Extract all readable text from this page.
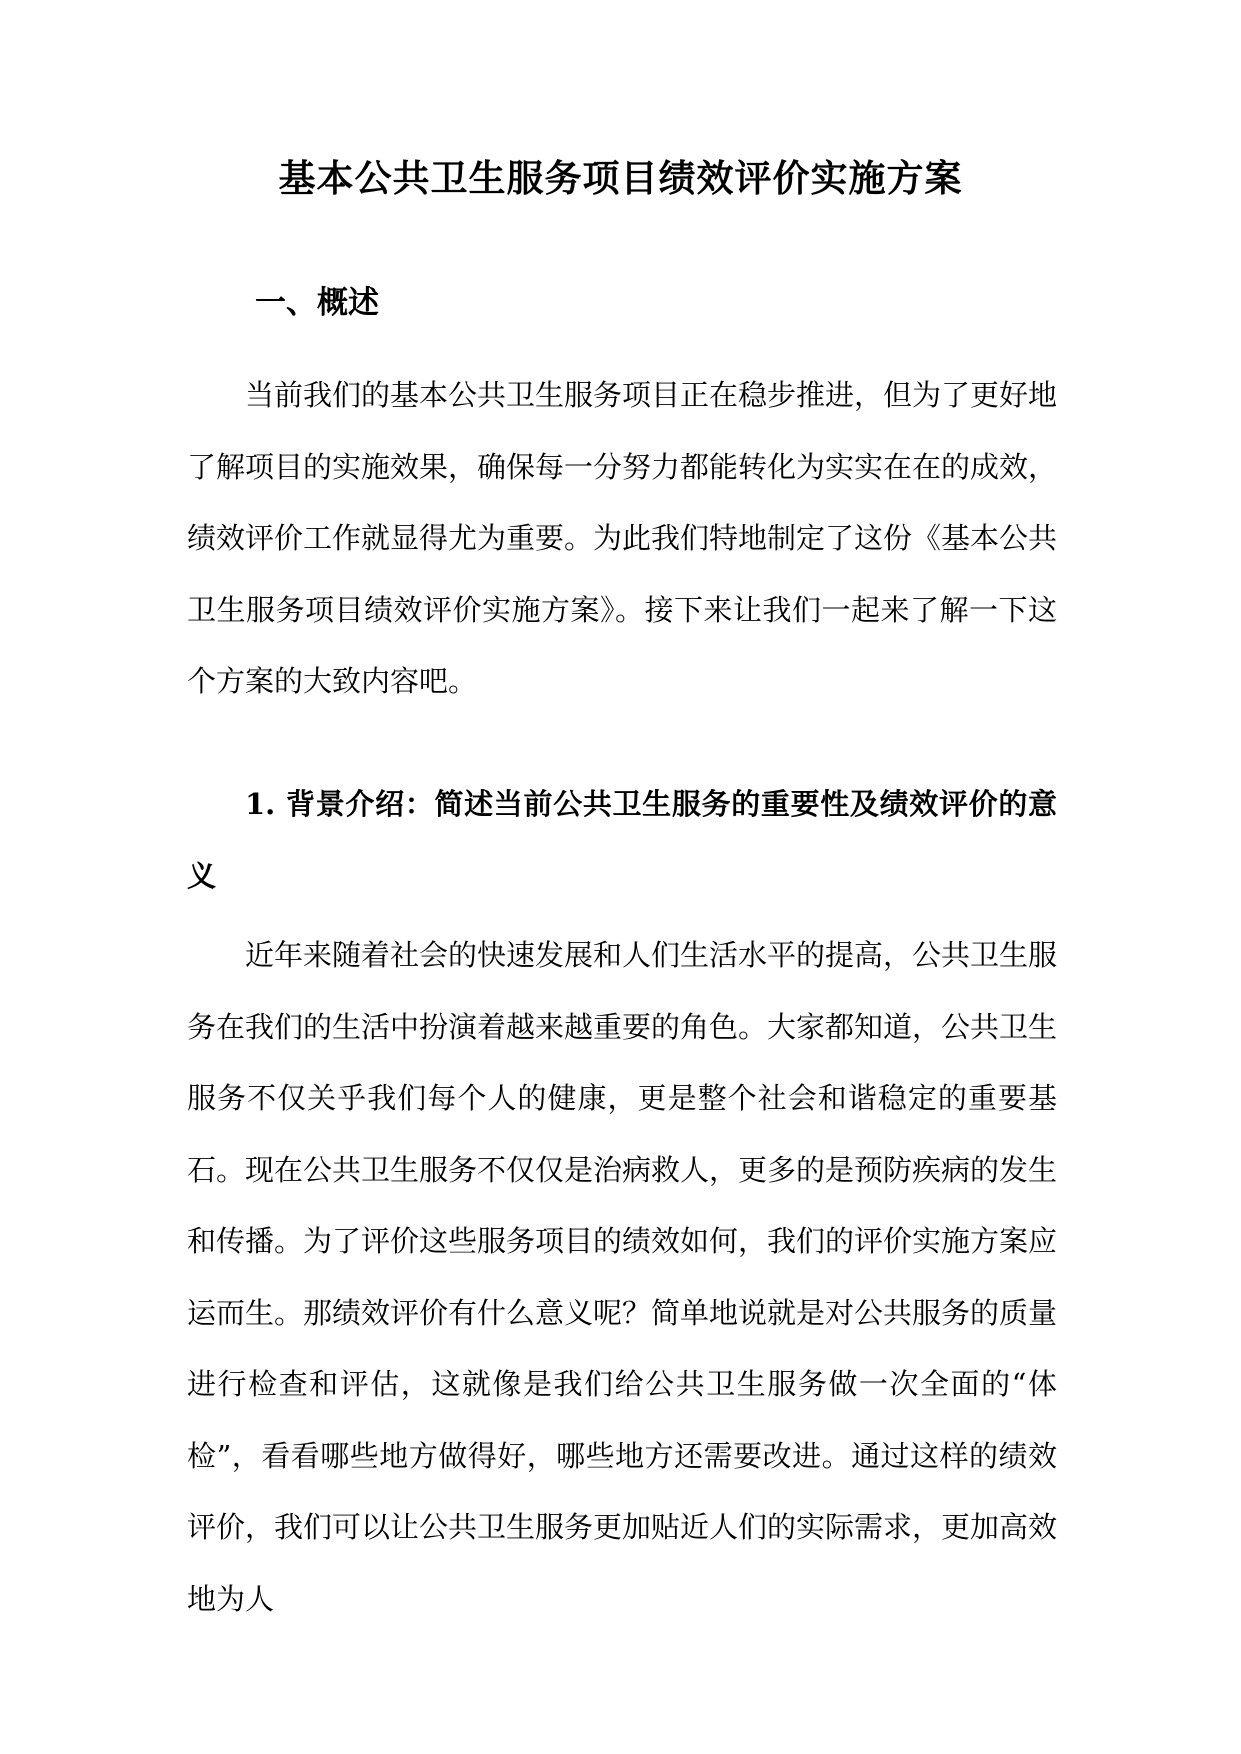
基本公共卫生服务项目绩效评价实施方案
一、概述

当前我们的基本公共卫生服务项目正在稳步推进，但为了更好地了解项目的实施效果，确保每一分努力都能转化为实实在在的成效，绩效评价工作就显得尤为重要。为此我们特地制定了这份《基本公共卫生服务项目绩效评价实施方案》。接下来让我们一起来了解一下这个方案的大致内容吧。

1. 背景介绍：简述当前公共卫生服务的重要性及绩效评价的意义

近年来随着社会的快速发展和人们生活水平的提高，公共卫生服务在我们的生活中扮演着越来越重要的角色。大家都知道，公共卫生服务不仅关乎我们每个人的健康，更是整个社会和谐稳定的重要基石。现在公共卫生服务不仅仅是治病救人，更多的是预防疾病的发生和传播。为了评价这些服务项目的绩效如何，我们的评价实施方案应运而生。那绩效评价有什么意义呢？简单地说就是对公共服务的质量进行检查和评估，这就像是我们给公共卫生服务做一次全面的“体检”，看看哪些地方做得好，哪些地方还需要改进。通过这样的绩效评价，我们可以让公共卫生服务更加贴近人们的实际需求，更加高效地为人
